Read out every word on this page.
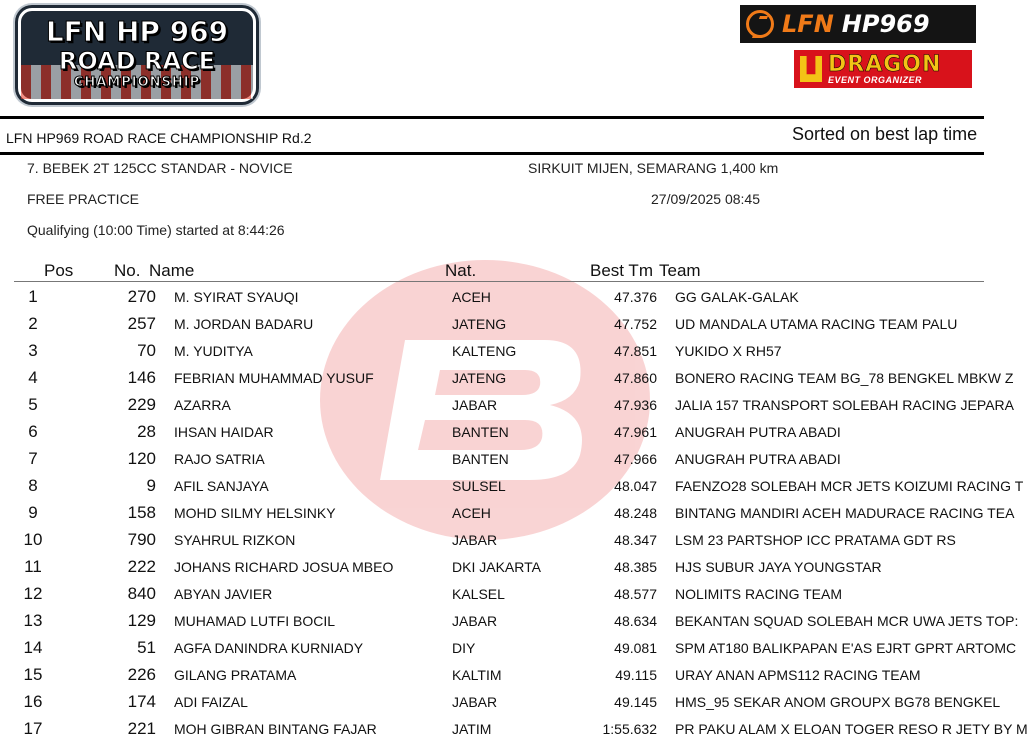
LFN HP 969
ROAD RACE
CHAMPIONSHIP
LFN HP969
DRAGON
EVENT ORGANIZER
LFN HP969 ROAD RACE CHAMPIONSHIP Rd.2	Sorted on best lap time
7. BEBEK 2T 125CC STANDAR - NOVICE	SIRKUIT MIJEN, SEMARANG 1,400 km
FREE PRACTICE	27/09/2025 08:45
Qualifying (10:00 Time) started at 8:44:26
Pos No. Name	Nat.	Best Tm Team
1	270	M. SYIRAT SYAUQI	ACEH	47.376	GG GALAK-GALAK
2	257	M. JORDAN BADARU	JATENG	47.752	UD MANDALA UTAMA RACING TEAM PALU
3	70	M. YUDITYA	KALTENG	47.851	YUKIDO X RH57
4	146	FEBRIAN MUHAMMAD YUSUF	JATENG	47.860	BONERO RACING TEAM BG_78 BENGKEL MBKW Z
5	229	AZARRA	JABAR	47.936	JALIA 157 TRANSPORT SOLEBAH RACING JEPARA
6	28	IHSAN HAIDAR	BANTEN	47.961	ANUGRAH PUTRA ABADI
7	120	RAJO SATRIA	BANTEN	47.966	ANUGRAH PUTRA ABADI
8	9	AFIL SANJAYA	SULSEL	48.047	FAENZO28 SOLEBAH MCR JETS KOIZUMI RACING T
9	158	MOHD SILMY HELSINKY	ACEH	48.248	BINTANG MANDIRI ACEH MADURACE RACING TEA
10	790	SYAHRUL RIZKON	JABAR	48.347	LSM 23 PARTSHOP ICC PRATAMA GDT RS
11	222	JOHANS RICHARD JOSUA MBEO	DKI JAKARTA	48.385	HJS SUBUR JAYA YOUNGSTAR
12	840	ABYAN JAVIER	KALSEL	48.577	NOLIMITS RACING TEAM
13	129	MUHAMAD LUTFI BOCIL	JABAR	48.634	BEKANTAN SQUAD SOLEBAH MCR UWA JETS TOP:
14	51	AGFA DANINDRA KURNIADY	DIY	49.081	SPM AT180 BALIKPAPAN E'AS EJRT GPRT ARTOMC
15	226	GILANG PRATAMA	KALTIM	49.115	URAY ANAN APMS112 RACING TEAM
16	174	ADI FAIZAL	JABAR	49.145	HMS_95 SEKAR ANOM GROUPX BG78 BENGKEL
17	221	MOH GIBRAN BINTANG FAJAR	JATIM	1:55.632	PR PAKU ALAM X ELOAN TOGER RESO R JETY BY M
